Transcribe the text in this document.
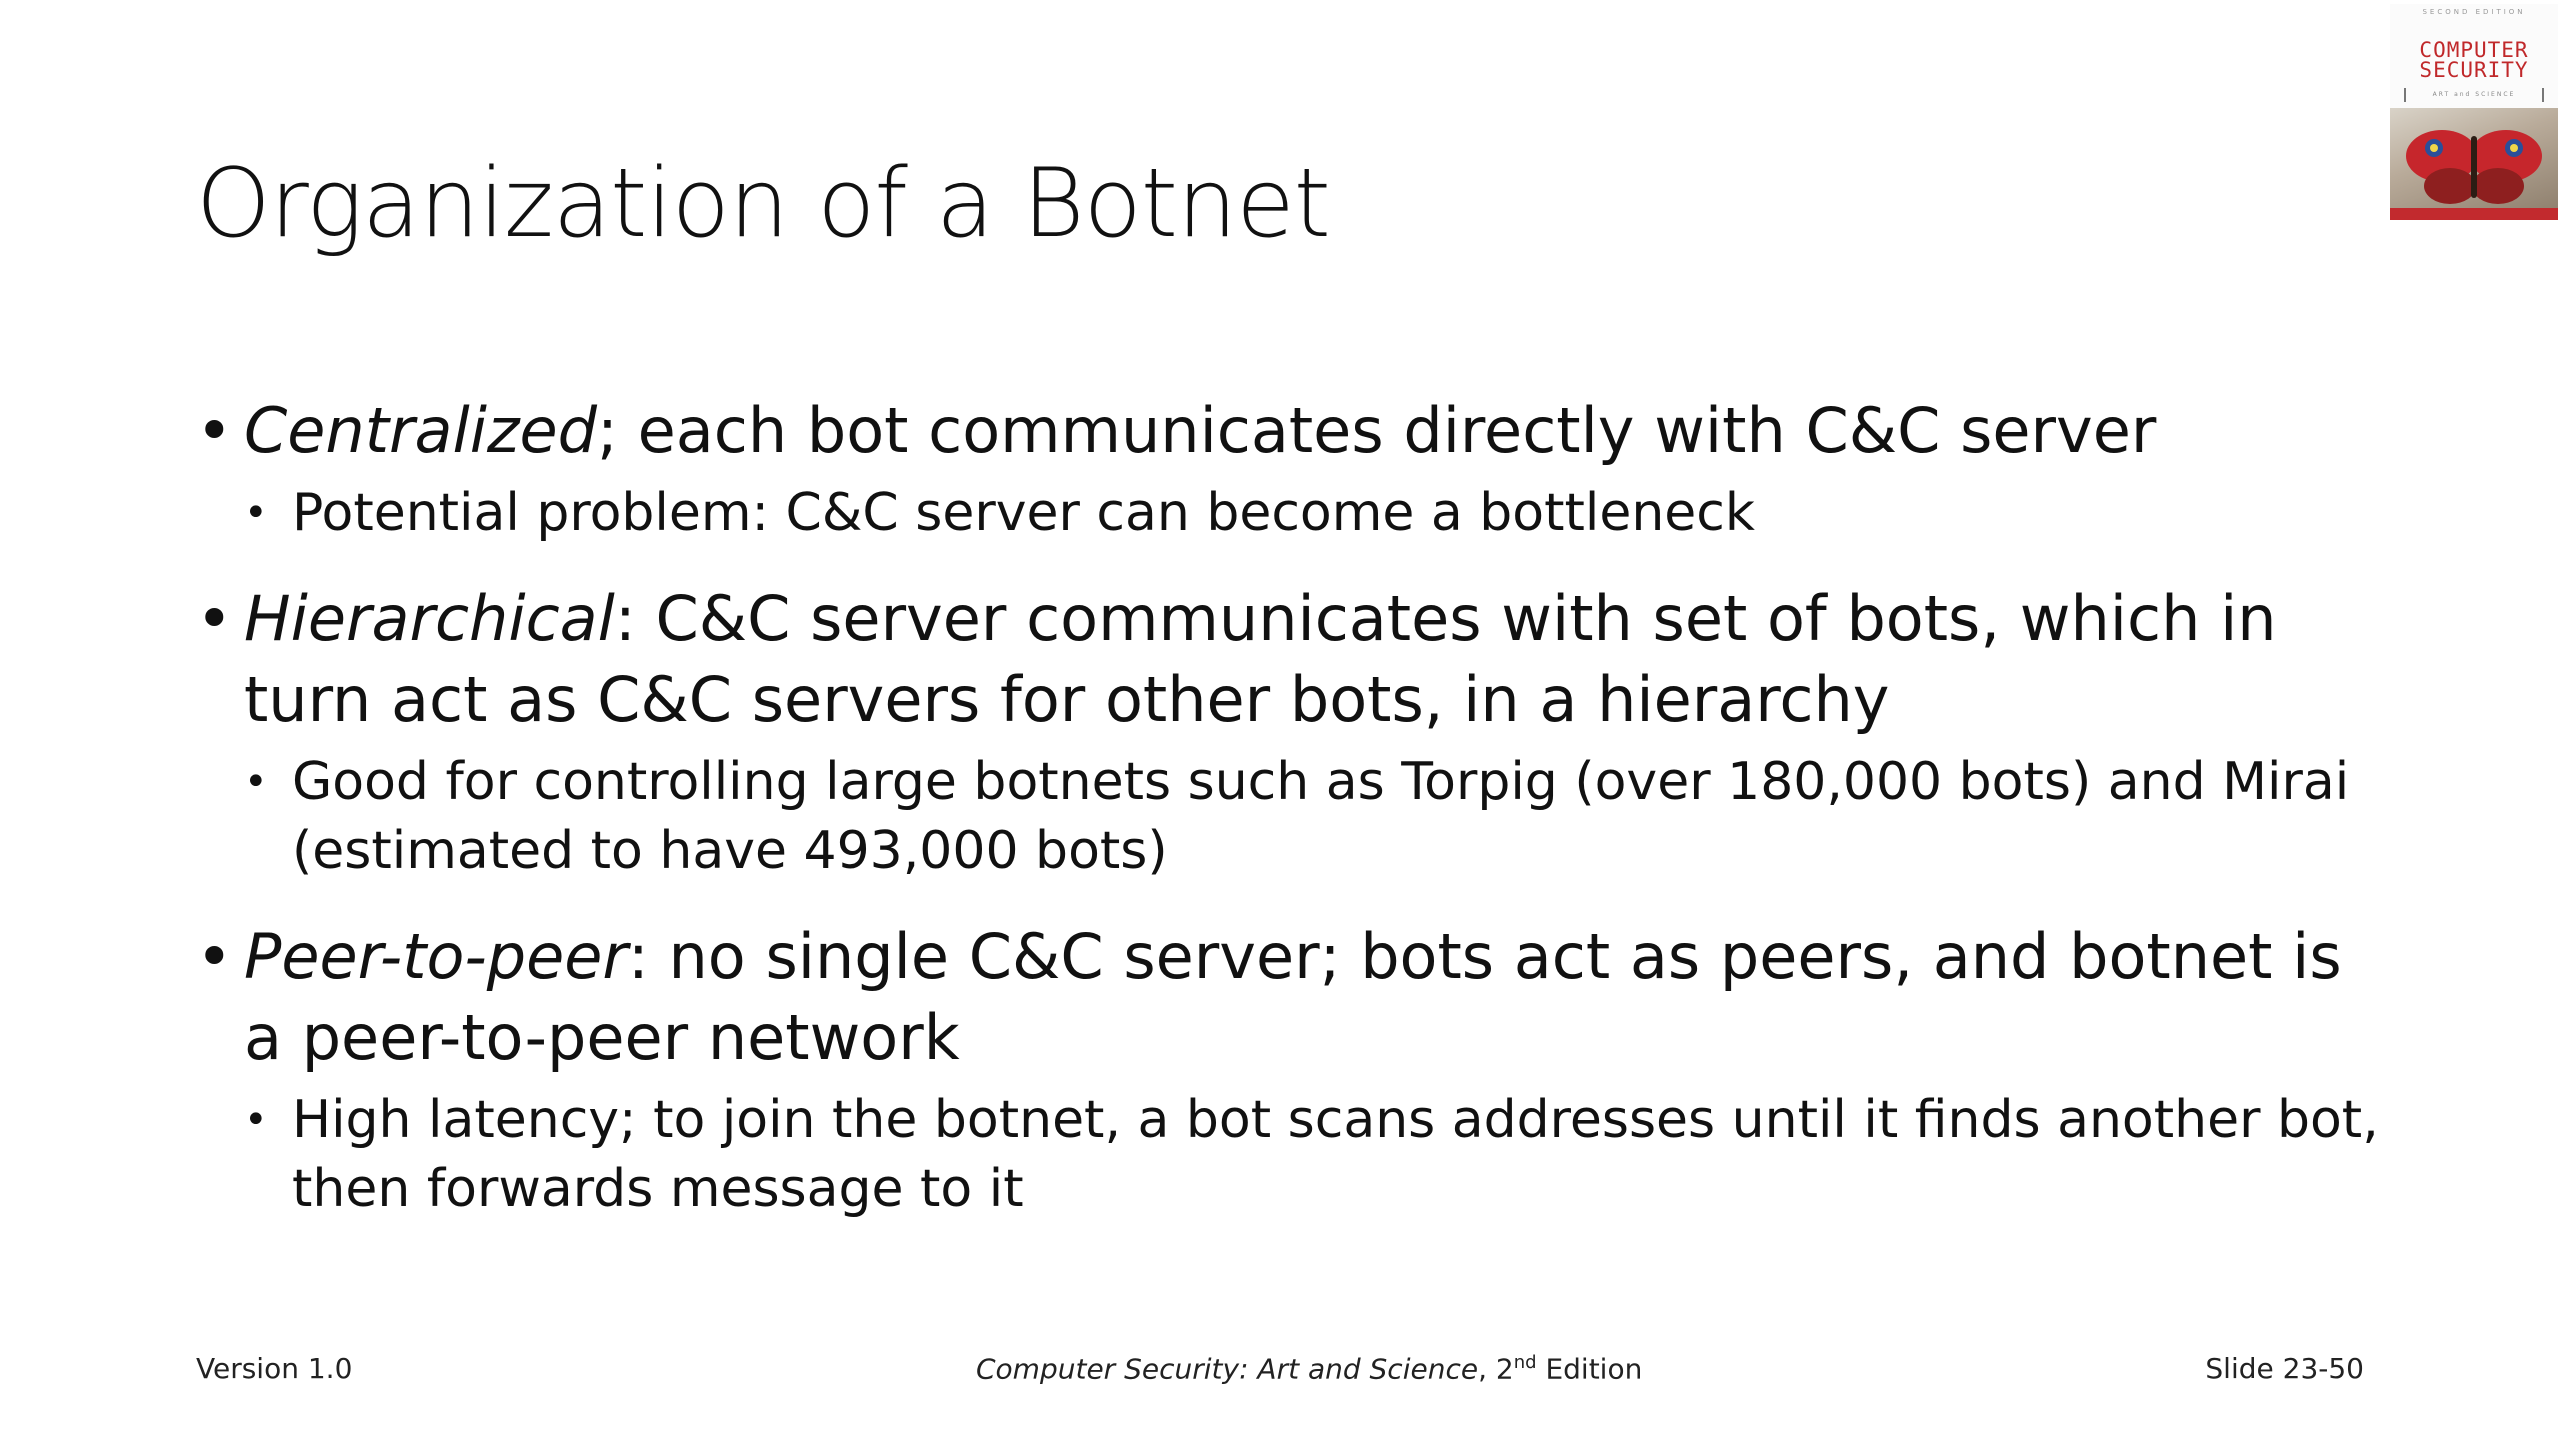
Organization of a Botnet
• Centralized; each bot communicates directly with C&C server
• Potential problem: C&C server can become a bottleneck
• Hierarchical: C&C server communicates with set of bots, which in turn act as C&C servers for other bots, in a hierarchy
• Good for controlling large botnets such as Torpig (over 180,000 bots) and Mirai (estimated to have 493,000 bots)
• Peer-to-peer: no single C&C server; bots act as peers, and botnet is a peer-to-peer network
• High latency; to join the botnet, a bot scans addresses until it finds another bot, then forwards message to it
Version 1.0	Computer Security: Art and Science, 2nd Edition	Slide 23-50
SECOND EDITION
COMPUTER
SECURITY
ART and SCIENCE
